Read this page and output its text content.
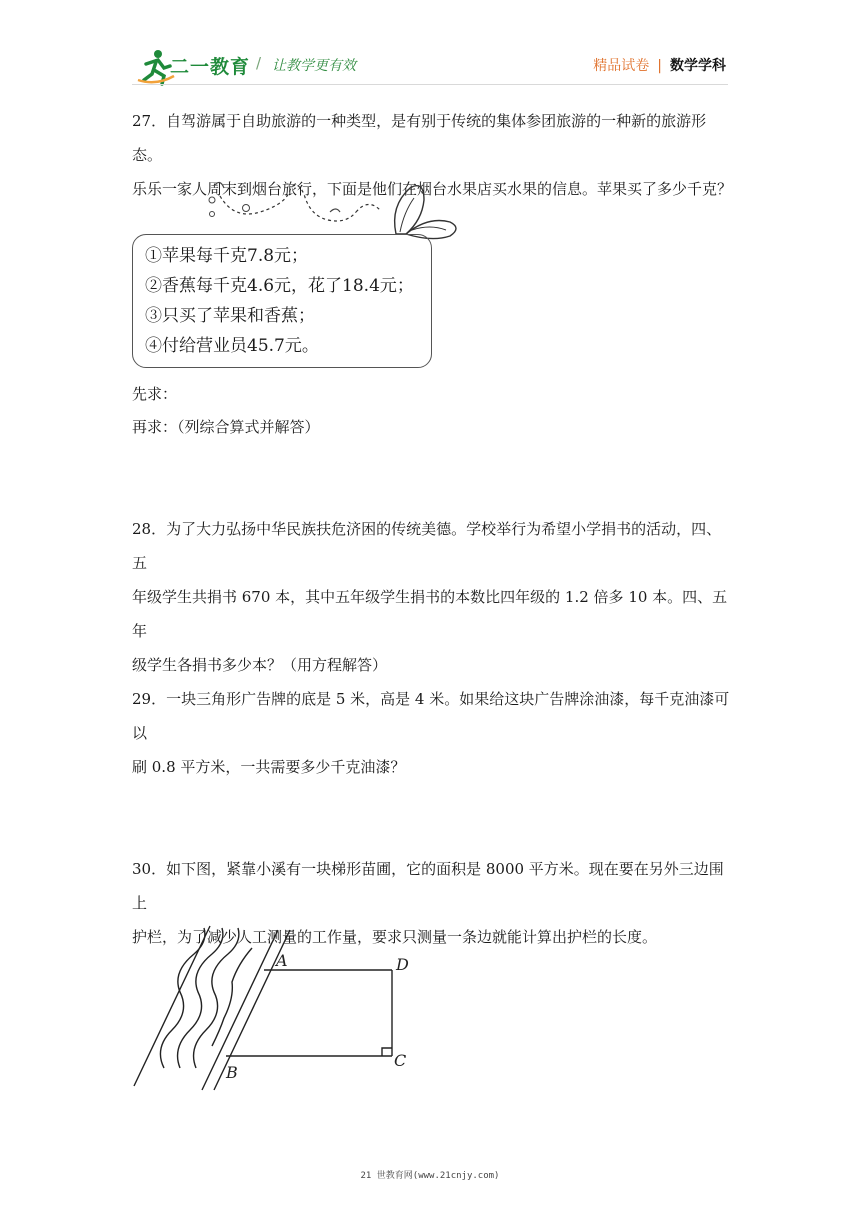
二一教育 / 让教学更有效	精品试卷 | 数学学科

27．自驾游属于自助旅游的一种类型，是有别于传统的集体参团旅游的一种新的旅游形态。

乐乐一家人周末到烟台旅行，下面是他们在烟台水果店买水果的信息。苹果买了多少千克？

①苹果每千克7.8元；
②香蕉每千克4.6元，花了18.4元；
③只买了苹果和香蕉；
④付给营业员45.7元。
先求：
再求：（列综合算式并解答）

28．为了大力弘扬中华民族扶危济困的传统美德。学校举行为希望小学捐书的活动，四、五

年级学生共捐书 670 本，其中五年级学生捐书的本数比四年级的 1.2 倍多 10 本。四、五年

级学生各捐书多少本？（用方程解答）

29．一块三角形广告牌的底是 5 米，高是 4 米。如果给这块广告牌涂油漆，每千克油漆可以

刷 0.8 平方米，一共需要多少千克油漆？

30．如下图，紧靠小溪有一块梯形苗圃，它的面积是 8000 平方米。现在要在另外三边围上

护栏，为了减少人工测量的工作量，要求只测量一条边就能计算出护栏的长度。

A	D
B
C
21 世教育网(www.21cnjy.com)
